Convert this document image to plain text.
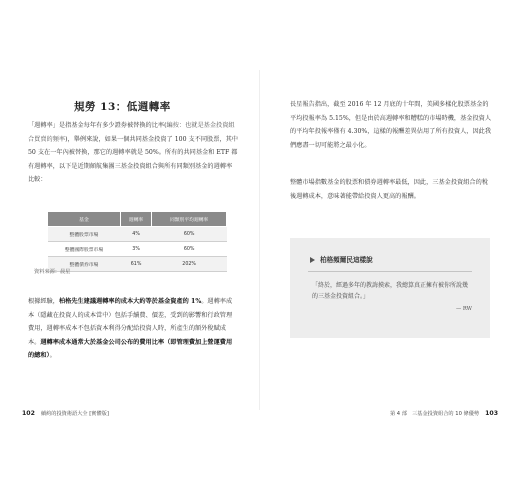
規勞 13：低週轉率

「週轉率」是指基金每年有多少證券被替換的比率(編按：也就是基金投資組合買賣的頻率)，舉例來說，如果一個共同基金投資了 100 支不同股票，其中 50 支在一年內被替換，那它的週轉率就是 50%。所有的共同基金和 ETF 都有週轉率，以下是近期頗航集團三基金投資組合與所有同類別基金的週轉率比較：

基金	週轉率	同類別平均週轉率
整體股票市場	4%	60%
整體國際股票市場	3%	60%
整體債券市場	61%	202%
資料來源：晨星

根據經驗，柏格先生建議週轉率的成本大約等於基金資產的 1%。週轉率成本（隱藏在投資人的成本當中）包括手續費、價差，受到的影響和行政管理費用，週轉率成本不包括資本利得分配給投資人時，所產生的額外稅賦成本。週轉率成本通常大於基金公司公布的費用比率（即管理費加上營運費用的總和）。

102 續約的投資術語大全 [實體版]

長星報告指出，截至 2016 年 12 月底的十年間，美國多樣化股票基金的平均投報率為 5.15%，但是由於高週轉率和糟糕的市場時機，基金投資人的平均年投報率僅有 4.30%，這樣的報酬差異佔用了所有投資人，因此我們應盡一切可能將之最小化。

整體市場指數基金的股票和債券週轉率最低，因此，三基金投資組合的稅後週轉成本，意味著能帶給投資人更高的報酬。

柏格頻爾民這樣說

「終於，經過多年的教誨摸索，我總算真正擁有被你所說幾的三基金投資組合。」

— RW
第 4 部　三基金投資組合的 10 條優勢 103
